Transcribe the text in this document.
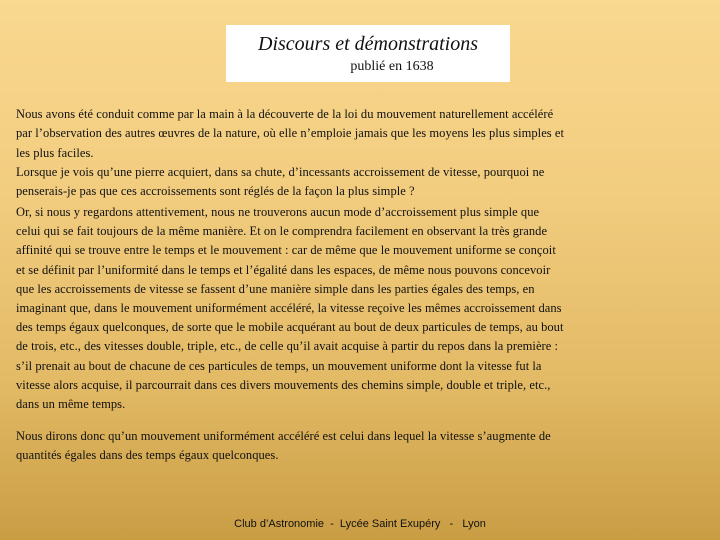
Discours et démonstrations
publié en 1638

Nous avons été conduit comme par la main à la découverte de la loi du mouvement naturellement accéléré
par l’observation des autres œuvres de la nature, où elle n’emploie jamais que les moyens les plus simples et
les plus faciles.
Lorsque je vois qu’une pierre acquiert, dans sa chute, d’incessants accroissement de vitesse, pourquoi ne
penserais-je pas que ces accroissements sont réglés de la façon la plus simple ?

Or, si nous y regardons attentivement, nous ne trouverons aucun mode d’accroissement plus simple que
celui qui se fait toujours de la même manière. Et on le comprendra facilement en observant la très grande
affinité qui se trouve entre le temps et le mouvement : car de même que le mouvement uniforme se conçoit
et se définit par l’uniformité dans le temps et l’égalité dans les espaces, de même nous pouvons concevoir
que les accroissements de vitesse se fassent d’une manière simple dans les parties égales des temps, en
imaginant que, dans le mouvement uniformément accéléré, la vitesse reçoive les mêmes accroissement dans
des temps égaux quelconques, de sorte que le mobile acquérant au bout de deux particules de temps, au bout
de trois, etc., des vitesses double, triple, etc., de celle qu’il avait acquise à partir du repos dans la première :
s’il prenait au bout de chacune de ces particules de temps, un mouvement uniforme dont la vitesse fut la
vitesse alors acquise, il parcourrait dans ces divers mouvements des chemins simple, double et triple, etc.,
dans un même temps.

Nous dirons donc qu’un mouvement uniformément accéléré est celui dans lequel la vitesse s’augmente de
quantités égales dans des temps égaux quelconques.

Club d’Astronomie  -  Lycée Saint Exupéry   -   Lyon
